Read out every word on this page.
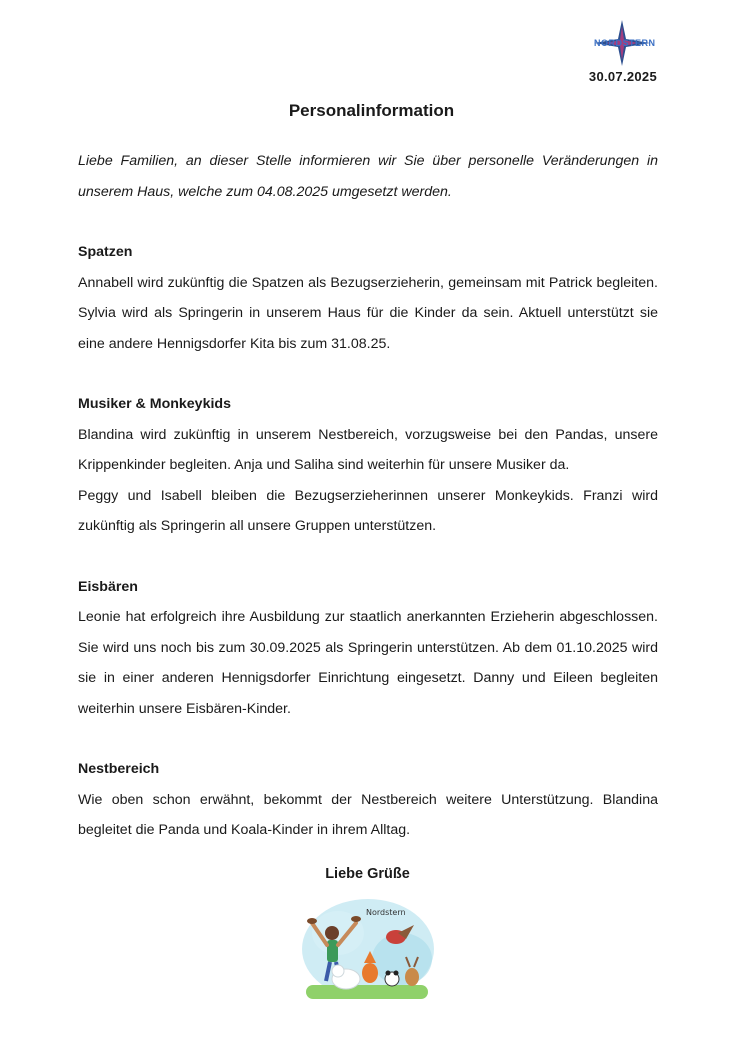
NORDSTERN
30.07.2025
Personalinformation

Liebe Familien, an dieser Stelle informieren wir Sie über personelle Veränderungen in unserem Haus, welche zum 04.08.2025 umgesetzt werden.

Spatzen

Annabell wird zukünftig die Spatzen als Bezugserzieherin, gemeinsam mit Patrick begleiten. Sylvia wird als Springerin in unserem Haus für die Kinder da sein. Aktuell unterstützt sie eine andere Hennigsdorfer Kita bis zum 31.08.25.

Musiker & Monkeykids

Blandina wird zukünftig in unserem Nestbereich, vorzugsweise bei den Pandas, unsere Krippenkinder begleiten. Anja und Saliha sind weiterhin für unsere Musiker da.

Peggy und Isabell bleiben die Bezugserzieherinnen unserer Monkeykids. Franzi wird zukünftig als Springerin all unsere Gruppen unterstützen.

Eisbären

Leonie hat erfolgreich ihre Ausbildung zur staatlich anerkannten Erzieherin abgeschlossen. Sie wird uns noch bis zum 30.09.2025 als Springerin unterstützen. Ab dem 01.10.2025 wird sie in einer anderen Hennigsdorfer Einrichtung eingesetzt. Danny und Eileen begleiten weiterhin unsere Eisbären-Kinder.

Nestbereich

Wie oben schon erwähnt, bekommt der Nestbereich weitere Unterstützung. Blandina begleitet die Panda und Koala-Kinder in ihrem Alltag.

Liebe Grüße
Nordstern
